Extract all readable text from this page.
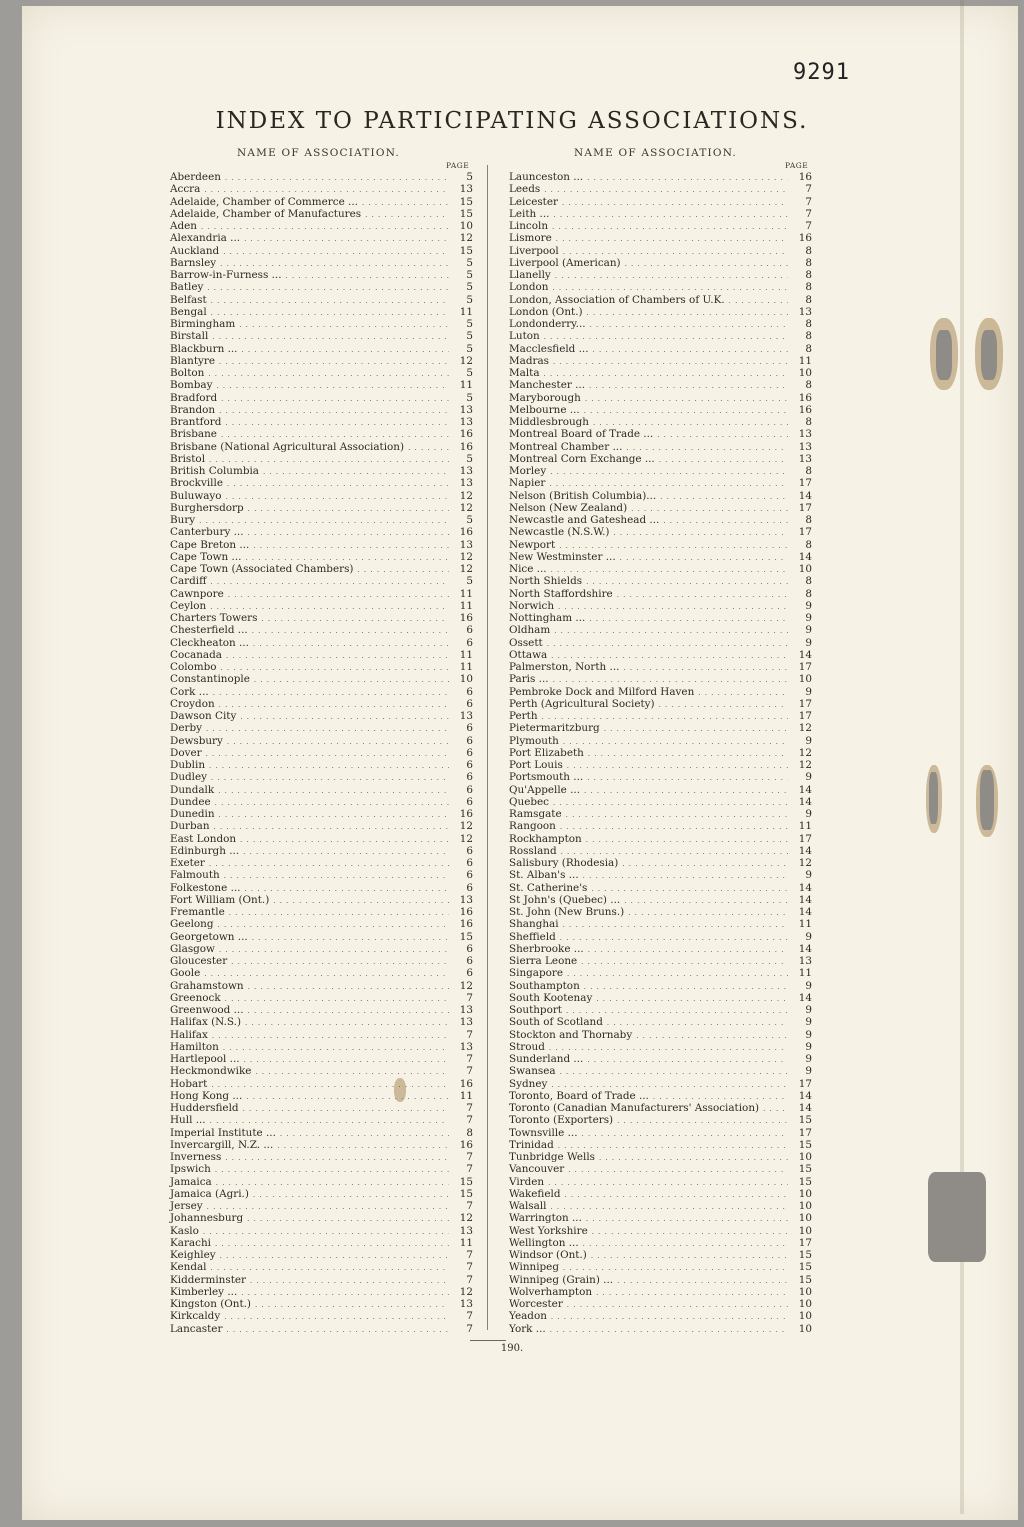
9291
INDEX TO PARTICIPATING ASSOCIATIONS.
NAME OF ASSOCIATION.	NAME OF ASSOCIATION.
PAGE	PAGE
Aberdeen . . .	5
Accra . . .	13
Adelaide, Chamber of Commerce ... . . .	15
Adelaide, Chamber of Manufactures . . .	15
Aden . . .	10
Alexandria ... . . .	12
Auckland . . .	15
Barnsley . . .	5
Barrow-in-Furness ... . . .	5
Batley . . .	5
Belfast . . .	5
Bengal . . .	11
Birmingham . . .	5
Birstall . . .	5
Blackburn ... . . .	5
Blantyre . . .	12
Bolton . . .	5
Bombay . . .	11
Bradford . . .	5
Brandon . . .	13
Brantford . . .	13
Brisbane . . .	16
Brisbane (National Agricultural Association) . . .	16
Bristol . . .	5
British Columbia . . .	13
Brockville . . .	13
Buluwayo . . .	12
Burghersdorp . . .	12
Bury . . .	5
Canterbury ... . . .	16
Cape Breton ... . . .	13
Cape Town ... . . .	12
Cape Town (Associated Chambers) . . .	12
Cardiff . . .	5
Cawnpore . . .	11
Ceylon . . .	11
Charters Towers . . .	16
Chesterfield ... . . .	6
Cleckheaton ... . . .	6
Cocanada . . .	11
Colombo . . .	11
Constantinople . . .	10
Cork ... . . .	6
Croydon . . .	6
Dawson City . . .	13
Derby . . .	6
Dewsbury . . .	6
Dover . . .	6
Dublin . . .	6
Dudley . . .	6
Dundalk . . .	6
Dundee . . .	6
Dunedin . . .	16
Durban . . .	12
East London . . .	12
Edinburgh ... . . .	6
Exeter . . .	6
Falmouth . . .	6
Folkestone ... . . .	6
Fort William (Ont.) . . .	13
Fremantle . . .	16
Geelong . . .	16
Georgetown ... . . .	15
Glasgow . . .	6
Gloucester . . .	6
Goole . . .	6
Grahamstown . . .	12
Greenock . . .	7
Greenwood ... . . .	13
Halifax (N.S.) . . .	13
Halifax . . .	7
Hamilton . . .	13
Hartlepool ... . . .	7
Heckmondwike . . .	7
Hobart . . .	16
Hong Kong ... . . .	11
Huddersfield . . .	7
Hull ... . . .	7
Imperial Institute ... . . .	8
Invercargill, N.Z. ... . . .	16
Inverness . . .	7
Ipswich . . .	7
Jamaica . . .	15
Jamaica (Agri.) . . .	15
Jersey . . .	7
Johannesburg . . .	12
Kaslo . . .	13
Karachi . . .	11
Keighley . . .	7
Kendal . . .	7
Kidderminster . . .	7
Kimberley ... . . .	12
Kingston (Ont.) . . .	13
Kirkcaldy . . .	7
Lancaster . . .	7
Launceston ... . . .	16
Leeds . . .	7
Leicester . . .	7
Leith ... . . .	7
Lincoln . . .	7
Lismore . . .	16
Liverpool . . .	8
Liverpool (American) . . .	8
Llanelly . . .	8
London . . .	8
London, Association of Chambers of U.K. . . .	8
London (Ont.) . . .	13
Londonderry... . . .	8
Luton . . .	8
Macclesfield ... . . .	8
Madras . . .	11
Malta . . .	10
Manchester ... . . .	8
Maryborough . . .	16
Melbourne ... . . .	16
Middlesbrough . . .	8
Montreal Board of Trade ... . . .	13
Montreal Chamber ... . . .	13
Montreal Corn Exchange ... . . .	13
Morley . . .	8
Napier . . .	17
Nelson (British Columbia)... . . .	14
Nelson (New Zealand) . . .	17
Newcastle and Gateshead ... . . .	8
Newcastle (N.S.W.) . . .	17
Newport . . .	8
New Westminster ... . . .	14
Nice ... . . .	10
North Shields . . .	8
North Staffordshire . . .	8
Norwich . . .	9
Nottingham ... . . .	9
Oldham . . .	9
Ossett . . .	9
Ottawa . . .	14
Palmerston, North ... . . .	17
Paris ... . . .	10
Pembroke Dock and Milford Haven . . .	9
Perth (Agricultural Society) . . .	17
Perth . . .	17
Pietermaritzburg . . .	12
Plymouth . . .	9
Port Elizabeth . . .	12
Port Louis . . .	12
Portsmouth ... . . .	9
Qu'Appelle ... . . .	14
Quebec . . .	14
Ramsgate . . .	9
Rangoon . . .	11
Rockhampton . . .	17
Rossland . . .	14
Salisbury (Rhodesia) . . .	12
St. Alban's ... . . .	9
St. Catherine's . . .	14
St John's (Quebec) ... . . .	14
St. John (New Bruns.) . . .	14
Shanghai . . .	11
Sheffield . . .	9
Sherbrooke ... . . .	14
Sierra Leone . . .	13
Singapore . . .	11
Southampton . . .	9
South Kootenay . . .	14
Southport . . .	9
South of Scotland . . .	9
Stockton and Thornaby . . .	9
Stroud . . .	9
Sunderland ... . . .	9
Swansea . . .	9
Sydney . . .	17
Toronto, Board of Trade ... . . .	14
Toronto (Canadian Manufacturers' Association) . . .	14
Toronto (Exporters) . . .	15
Townsville ... . . .	17
Trinidad . . .	15
Tunbridge Wells . . .	10
Vancouver . . .	15
Virden . . .	15
Wakefield . . .	10
Walsall . . .	10
Warrington ... . . .	10
West Yorkshire . . .	10
Wellington ... . . .	17
Windsor (Ont.) . . .	15
Winnipeg . . .	15
Winnipeg (Grain) ... . . .	15
Wolverhampton . . .	10
Worcester . . .	10
Yeadon . . .	10
York ... . . .	10
190.
